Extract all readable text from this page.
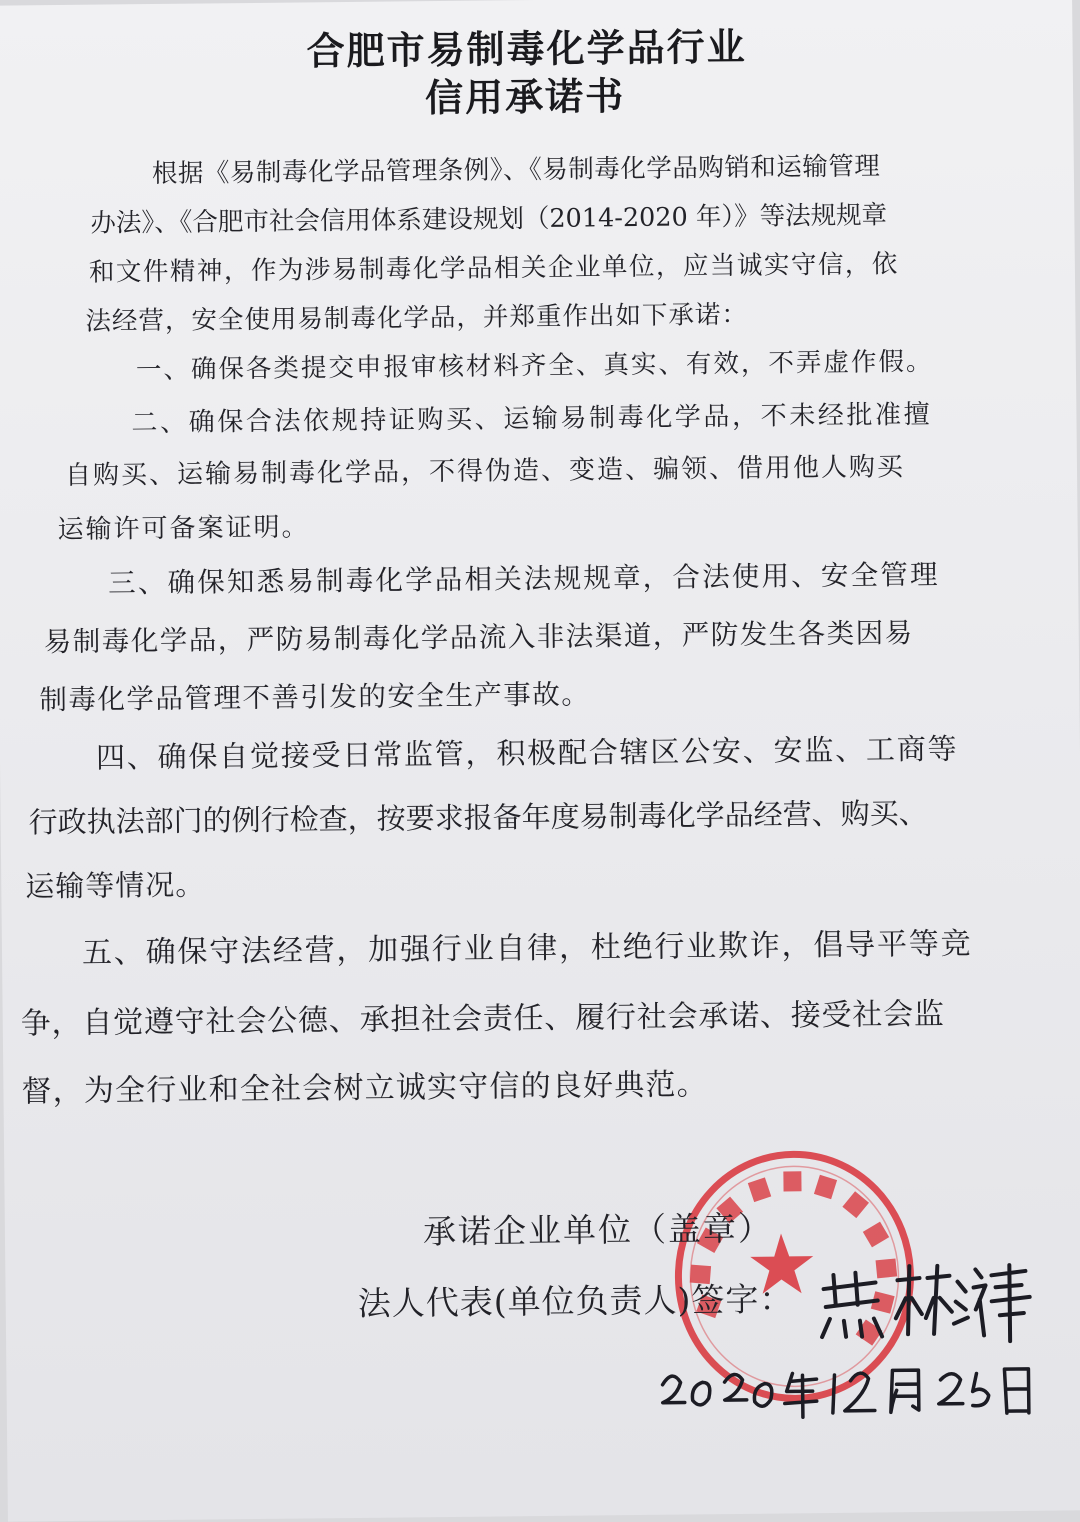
合肥市易制毒化学品行业
信用承诺书
根据《易制毒化学品管理条例》、《易制毒化学品购销和运输管理
办法》、《合肥市社会信用体系建设规划（2014-2020 年）》等法规规章
和文件精神，作为涉易制毒化学品相关企业单位，应当诚实守信，依
法经营，安全使用易制毒化学品，并郑重作出如下承诺：
一、确保各类提交申报审核材料齐全、真实、有效，不弄虚作假。
二、确保合法依规持证购买、运输易制毒化学品，不未经批准擅
自购买、运输易制毒化学品，不得伪造、变造、骗领、借用他人购买
运输许可备案证明。
三、确保知悉易制毒化学品相关法规规章，合法使用、安全管理
易制毒化学品，严防易制毒化学品流入非法渠道，严防发生各类因易
制毒化学品管理不善引发的安全生产事故。
四、确保自觉接受日常监管，积极配合辖区公安、安监、工商等
行政执法部门的例行检查，按要求报备年度易制毒化学品经营、购买、
运输等情况。
五、确保守法经营，加强行业自律，杜绝行业欺诈，倡导平等竞
争，自觉遵守社会公德、承担社会责任、履行社会承诺、接受社会监
督，为全行业和全社会树立诚实守信的良好典范。
承诺企业单位（盖章）
法人代表(单位负责人)签字：
